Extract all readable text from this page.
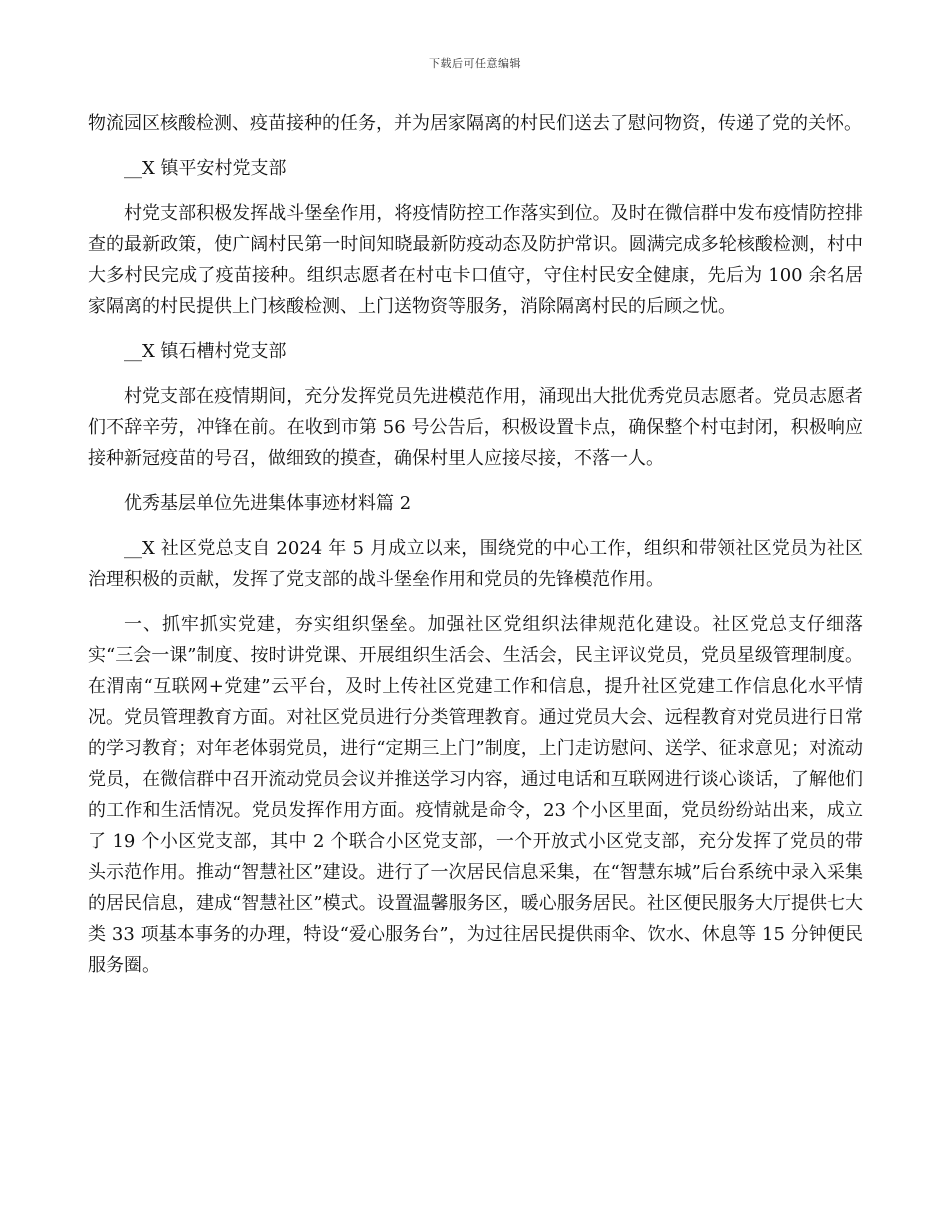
下载后可任意编辑

物流园区核酸检测、疫苗接种的任务，并为居家隔离的村民们送去了慰问物资，传递了党的关怀。

__X 镇平安村党支部

村党支部积极发挥战斗堡垒作用，将疫情防控工作落实到位。及时在微信群中发布疫情防控排查的最新政策，使广阔村民第一时间知晓最新防疫动态及防护常识。圆满完成多轮核酸检测，村中大多村民完成了疫苗接种。组织志愿者在村屯卡口值守，守住村民安全健康，先后为 100 余名居家隔离的村民提供上门核酸检测、上门送物资等服务，消除隔离村民的后顾之忧。

__X 镇石槽村党支部

村党支部在疫情期间，充分发挥党员先进模范作用，涌现出大批优秀党员志愿者。党员志愿者们不辞辛劳，冲锋在前。在收到市第 56 号公告后，积极设置卡点，确保整个村屯封闭，积极响应接种新冠疫苗的号召，做细致的摸查，确保村里人应接尽接，不落一人。

优秀基层单位先进集体事迹材料篇 2

__X 社区党总支自 2024 年 5 月成立以来，围绕党的中心工作，组织和带领社区党员为社区治理积极的贡献，发挥了党支部的战斗堡垒作用和党员的先锋模范作用。

一、抓牢抓实党建，夯实组织堡垒。加强社区党组织法律规范化建设。社区党总支仔细落实“三会一课”制度、按时讲党课、开展组织生活会、生活会，民主评议党员，党员星级管理制度。在渭南“互联网+党建”云平台，及时上传社区党建工作和信息，提升社区党建工作信息化水平情况。党员管理教育方面。对社区党员进行分类管理教育。通过党员大会、远程教育对党员进行日常的学习教育；对年老体弱党员，进行“定期三上门”制度，上门走访慰问、送学、征求意见；对流动党员，在微信群中召开流动党员会议并推送学习内容，通过电话和互联网进行谈心谈话，了解他们的工作和生活情况。党员发挥作用方面。疫情就是命令，23 个小区里面，党员纷纷站出来，成立了 19 个小区党支部，其中 2 个联合小区党支部，一个开放式小区党支部，充分发挥了党员的带头示范作用。推动“智慧社区”建设。进行了一次居民信息采集，在“智慧东城”后台系统中录入采集的居民信息，建成“智慧社区”模式。设置温馨服务区，暖心服务居民。社区便民服务大厅提供七大类 33 项基本事务的办理，特设“爱心服务台”，为过往居民提供雨伞、饮水、休息等 15 分钟便民服务圈。
